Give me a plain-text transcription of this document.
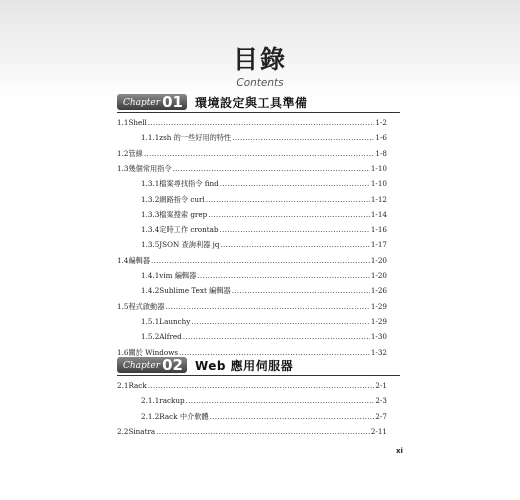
目錄
Contents
Chapter 01 環境設定與工具準備
Chapter 02 Web 應用伺服器
1.1 Shell .....	1-2
1.1.1 zsh 的一些好用的特性 .....	1-6
1.2 管線 .....	1-8
1.3 幾個常用指令 .....	1-10
1.3.1 檔案尋找指令 find .....	1-10
1.3.2 網路指令 curl .....	1-12
1.3.3 檔案搜索 grep .....	1-14
1.3.4 定時工作 crontab .....	1-16
1.3.5 JSON 查詢利器 jq .....	1-17
1.4 編輯器 .....	1-20
1.4.1 vim 編輯器 .....	1-20
1.4.2 Sublime Text 編輯器 .....	1-26
1.5 程式啟動器 .....	1-29
1.5.1 Launchy .....	1-29
1.5.2 Alfred .....	1-30
1.6 關於 Windows .....	1-32
2.1 Rack .....	2-1
2.1.1 rackup .....	2-3
2.1.2 Rack 中介軟體 .....	2-7
2.2 Sinatra .....	2-11
xi
